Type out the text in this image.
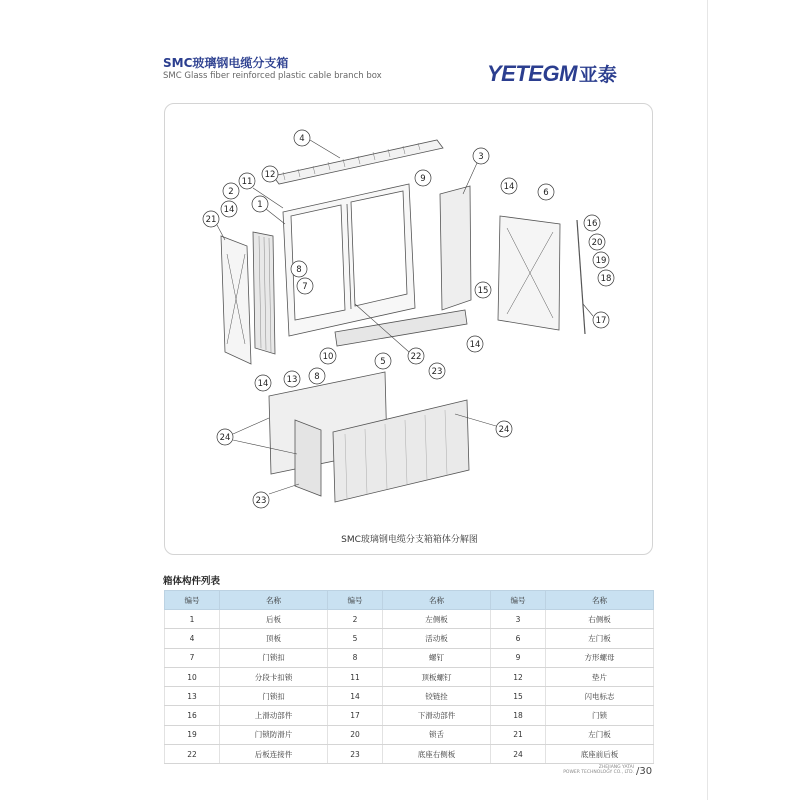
SMC玻璃钢电缆分支箱
SMC Glass fiber reinforced plastic cable branch box	YETEGM 亚泰
4
3
12
11	9
2	14
6
14	1
21	16
20
19
8
18
15
7
17
14
10	5	22
14 13 8	23
24
24
23
SMC玻璃钢电缆分支箱箱体分解图
箱体构件列表
编号	名称	编号	名称	编号	名称
1	后板	2	左侧板	3	右侧板
4	顶板	5	活动板	6	左门板
7	门锁扣	8	螺钉	9	方形螺母
10	分段卡扣锁	11	顶板螺钉	12	垫片
13	门锁扣	14	铰链拴	15	闪电标志
16	上滑动部件	17	下滑动部件	18	门锁
19	门锁防滑片	20	锁舌	21	左门板
22	后板连接件	23	底座右侧板	24	底座前后板
ZHEJIANG YATAI
POWER TECHNOLOGY CO., LTD. /30
